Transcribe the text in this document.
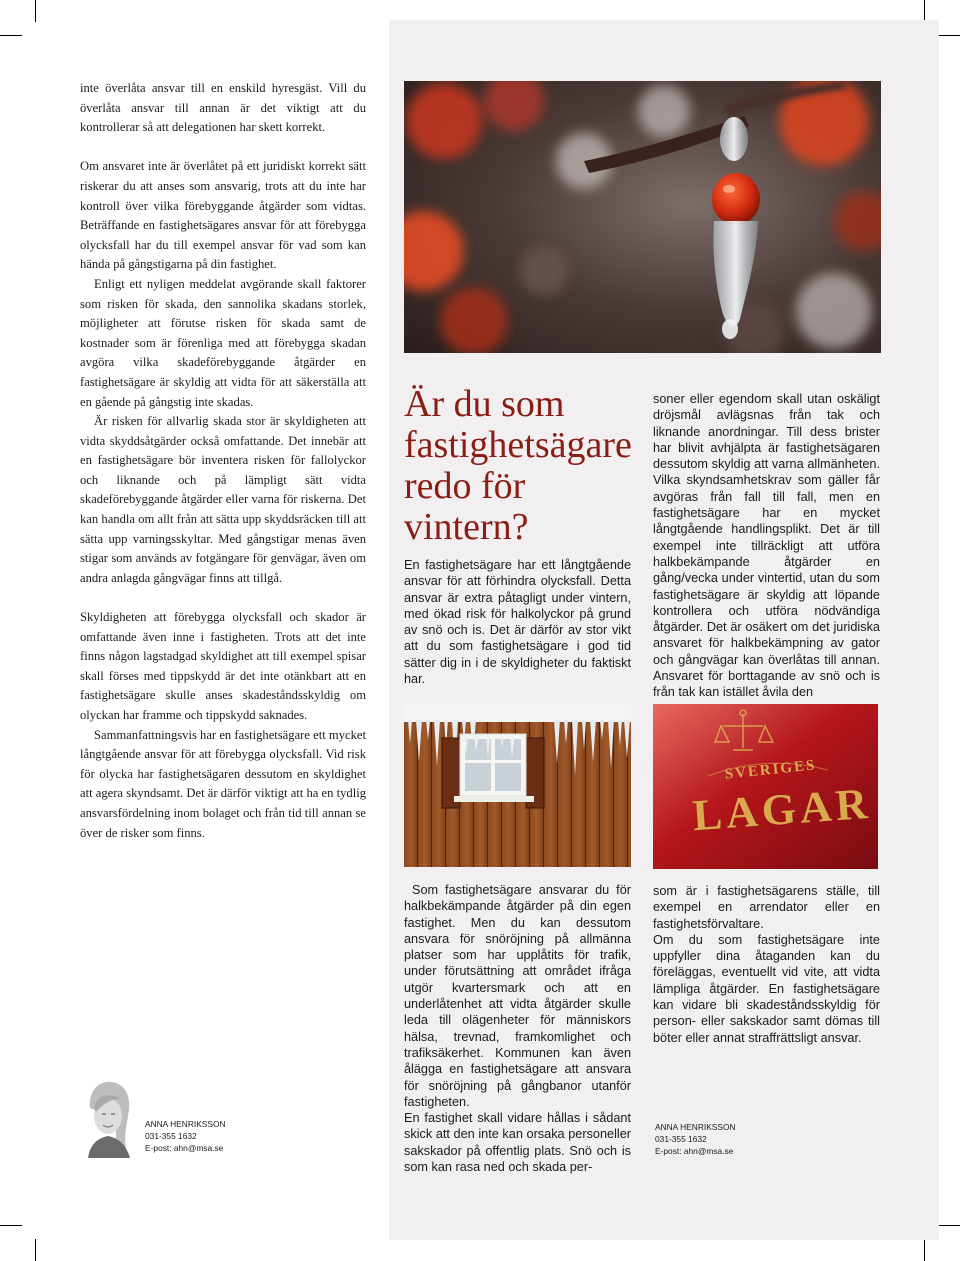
inte överlåta ansvar till en enskild hyresgäst. Vill du överlåta ansvar till annan är det viktigt att du kontrollerar så att delegationen har skett korrekt.

Om ansvaret inte är överlåtet på ett juridiskt korrekt sätt riskerar du att anses som ansvarig, trots att du inte har kontroll över vilka förebyggande åtgärder som vidtas. Beträffande en fastighetsägares ansvar för att förebygga olycksfall har du till exempel ansvar för vad som kan hända på gångstigarna på din fastighet.

Enligt ett nyligen meddelat avgörande skall faktorer som risken för skada, den sannolika skadans storlek, möjligheter att förutse risken för skada samt de kostnader som är förenliga med att förebygga skadan avgöra vilka skadeförebyggande åtgärder en fastighetsägare är skyldig att vidta för att säkerställa att en gående på gångstig inte skadas.

Är risken för allvarlig skada stor är skyldigheten att vidta skyddsåtgärder också omfattande. Det innebär att en fastighetsägare bör inventera risken för fallolyckor och liknande och på lämpligt sätt vidta skadeförebyggande åtgärder eller varna för riskerna. Det kan handla om allt från att sätta upp skyddsräcken till att sätta upp varningsskyltar. Med gångstigar menas även stigar som används av fotgängare för genvägar, även om andra anlagda gångvägar finns att tillgå.

Skyldigheten att förebygga olycksfall och skador är omfattande även inne i fastigheten. Trots att det inte finns någon lagstadgad skyldighet att till exempel spisar skall förses med tippskydd är det inte otänkbart att en fastighetsägare skulle anses skadeståndsskyldig om olyckan har framme och tippskydd saknades.

Sammanfattningsvis har en fastighetsägare ett mycket långtgående ansvar för att förebygga olycksfall. Vid risk för olycka har fastighetsägaren dessutom en skyldighet att agera skyndsamt. Det är därför viktigt att ha en tydlig ansvarsfördelning inom bolaget och från tid till annan se över de risker som finns.

Är du som
fastighetsägare
redo för
vintern?

En fastighetsägare har ett långtgående ansvar för att förhindra olycksfall. Detta ansvar är extra påtagligt under vintern, med ökad risk för halkolyckor på grund av snö och is. Det är därför av stor vikt att du som fastighetsägare i god tid sätter dig in i de skyldigheter du faktiskt har.

soner eller egendom skall utan oskäligt dröjsmål avlägsnas från tak och liknande anordningar. Till dess brister har blivit avhjälpta är fastighetsägaren dessutom skyldig att varna allmänheten. Vilka skyndsamhetskrav som gäller får avgöras från fall till fall, men en fastighetsägare har en mycket långtgående handlingsplikt. Det är till exempel inte tillräckligt att utföra halkbekämpande åtgärder en gång/vecka under vintertid, utan du som fastighetsägare är skyldig att löpande kontrollera och utföra nödvändiga åtgärder. Det är osäkert om det juridiska ansvaret för halkbekämpning av gator och gångvägar kan överlåtas till annan. Ansvaret för borttagande av snö och is från tak kan istället åvila den

SVERIGES
LAGAR

Som fastighetsägare ansvarar du för halkbekämpande åtgärder på din egen fastighet. Men du kan dessutom ansvara för snöröjning på allmänna platser som har upplåtits för trafik, under förutsättning att området ifråga utgör kvartersmark och att en underlåtenhet att vidta åtgärder skulle leda till olägenheter för människors hälsa, trevnad, framkomlighet och trafiksäkerhet. Kommunen kan även ålägga en fastighetsägare att ansvara för snöröjning på gångbanor utanför fastigheten.

En fastighet skall vidare hållas i sådant skick att den inte kan orsaka personeller sakskador på offentlig plats. Snö och is som kan rasa ned och skada per-

som är i fastighetsägarens ställe, till exempel en arrendator eller en fastighetsförvaltare.

Om du som fastighetsägare inte uppfyller dina åtaganden kan du föreläggas, eventuellt vid vite, att vidta lämpliga åtgärder. En fastighetsägare kan vidare bli skadeståndsskyldig för person- eller sakskador samt dömas till böter eller annat straffrättsligt ansvar.

ANNA HENRIKSSON
031-355 1632
E-post: ahn@msa.se
ANNA HENRIKSSON
031-355 1632
E-post: ahn@msa.se
